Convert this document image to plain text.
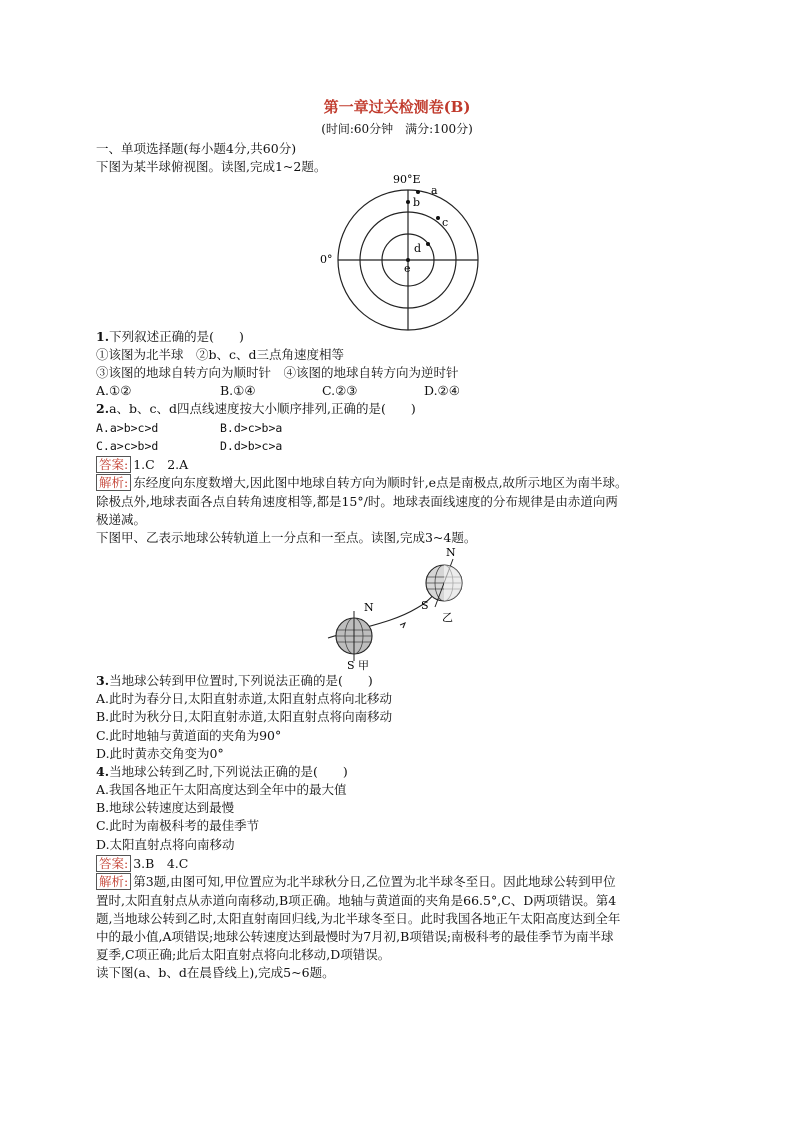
第一章过关检测卷(B)
(时间:60分钟　满分:100分)
一、单项选择题(每小题4分,共60分)
下图为某半球俯视图。读图,完成1~2题。
90°E
0°
a
b
c
d
e
1.下列叙述正确的是(　　)
①该图为北半球　②b、c、d三点角速度相等
③该图的地球自转方向为顺时针　④该图的地球自转方向为逆时针
A.①②	B.①④	C.②③	D.②④
2.a、b、c、d四点线速度按大小顺序排列,正确的是(　　)
A.a>b>c>d	B.d>c>b>a
C.a>c>b>d	D.d>b>c>a
答案: 1.C　2.A
解析: 东经度向东度数增大,因此图中地球自转方向为顺时针,e点是南极点,故所示地区为南半球。
除极点外,地球表面各点自转角速度相等,都是15°/时。地球表面线速度的分布规律是由赤道向两
极递减。
下图甲、乙表示地球公转轨道上一分点和一至点。读图,完成3~4题。
N
S 甲
N
S
乙
3.当地球公转到甲位置时,下列说法正确的是(　　)
A.此时为春分日,太阳直射赤道,太阳直射点将向北移动
B.此时为秋分日,太阳直射赤道,太阳直射点将向南移动
C.此时地轴与黄道面的夹角为90°
D.此时黄赤交角变为0°
4.当地球公转到乙时,下列说法正确的是(　　)
A.我国各地正午太阳高度达到全年中的最大值
B.地球公转速度达到最慢
C.此时为南极科考的最佳季节
D.太阳直射点将向南移动
答案: 3.B　4.C
解析: 第3题,由图可知,甲位置应为北半球秋分日,乙位置为北半球冬至日。因此地球公转到甲位
置时,太阳直射点从赤道向南移动,B项正确。地轴与黄道面的夹角是66.5°,C、D两项错误。第4
题,当地球公转到乙时,太阳直射南回归线,为北半球冬至日。此时我国各地正午太阳高度达到全年
中的最小值,A项错误;地球公转速度达到最慢时为7月初,B项错误;南极科考的最佳季节为南半球
夏季,C项正确;此后太阳直射点将向北移动,D项错误。
读下图(a、b、d在晨昏线上),完成5~6题。
